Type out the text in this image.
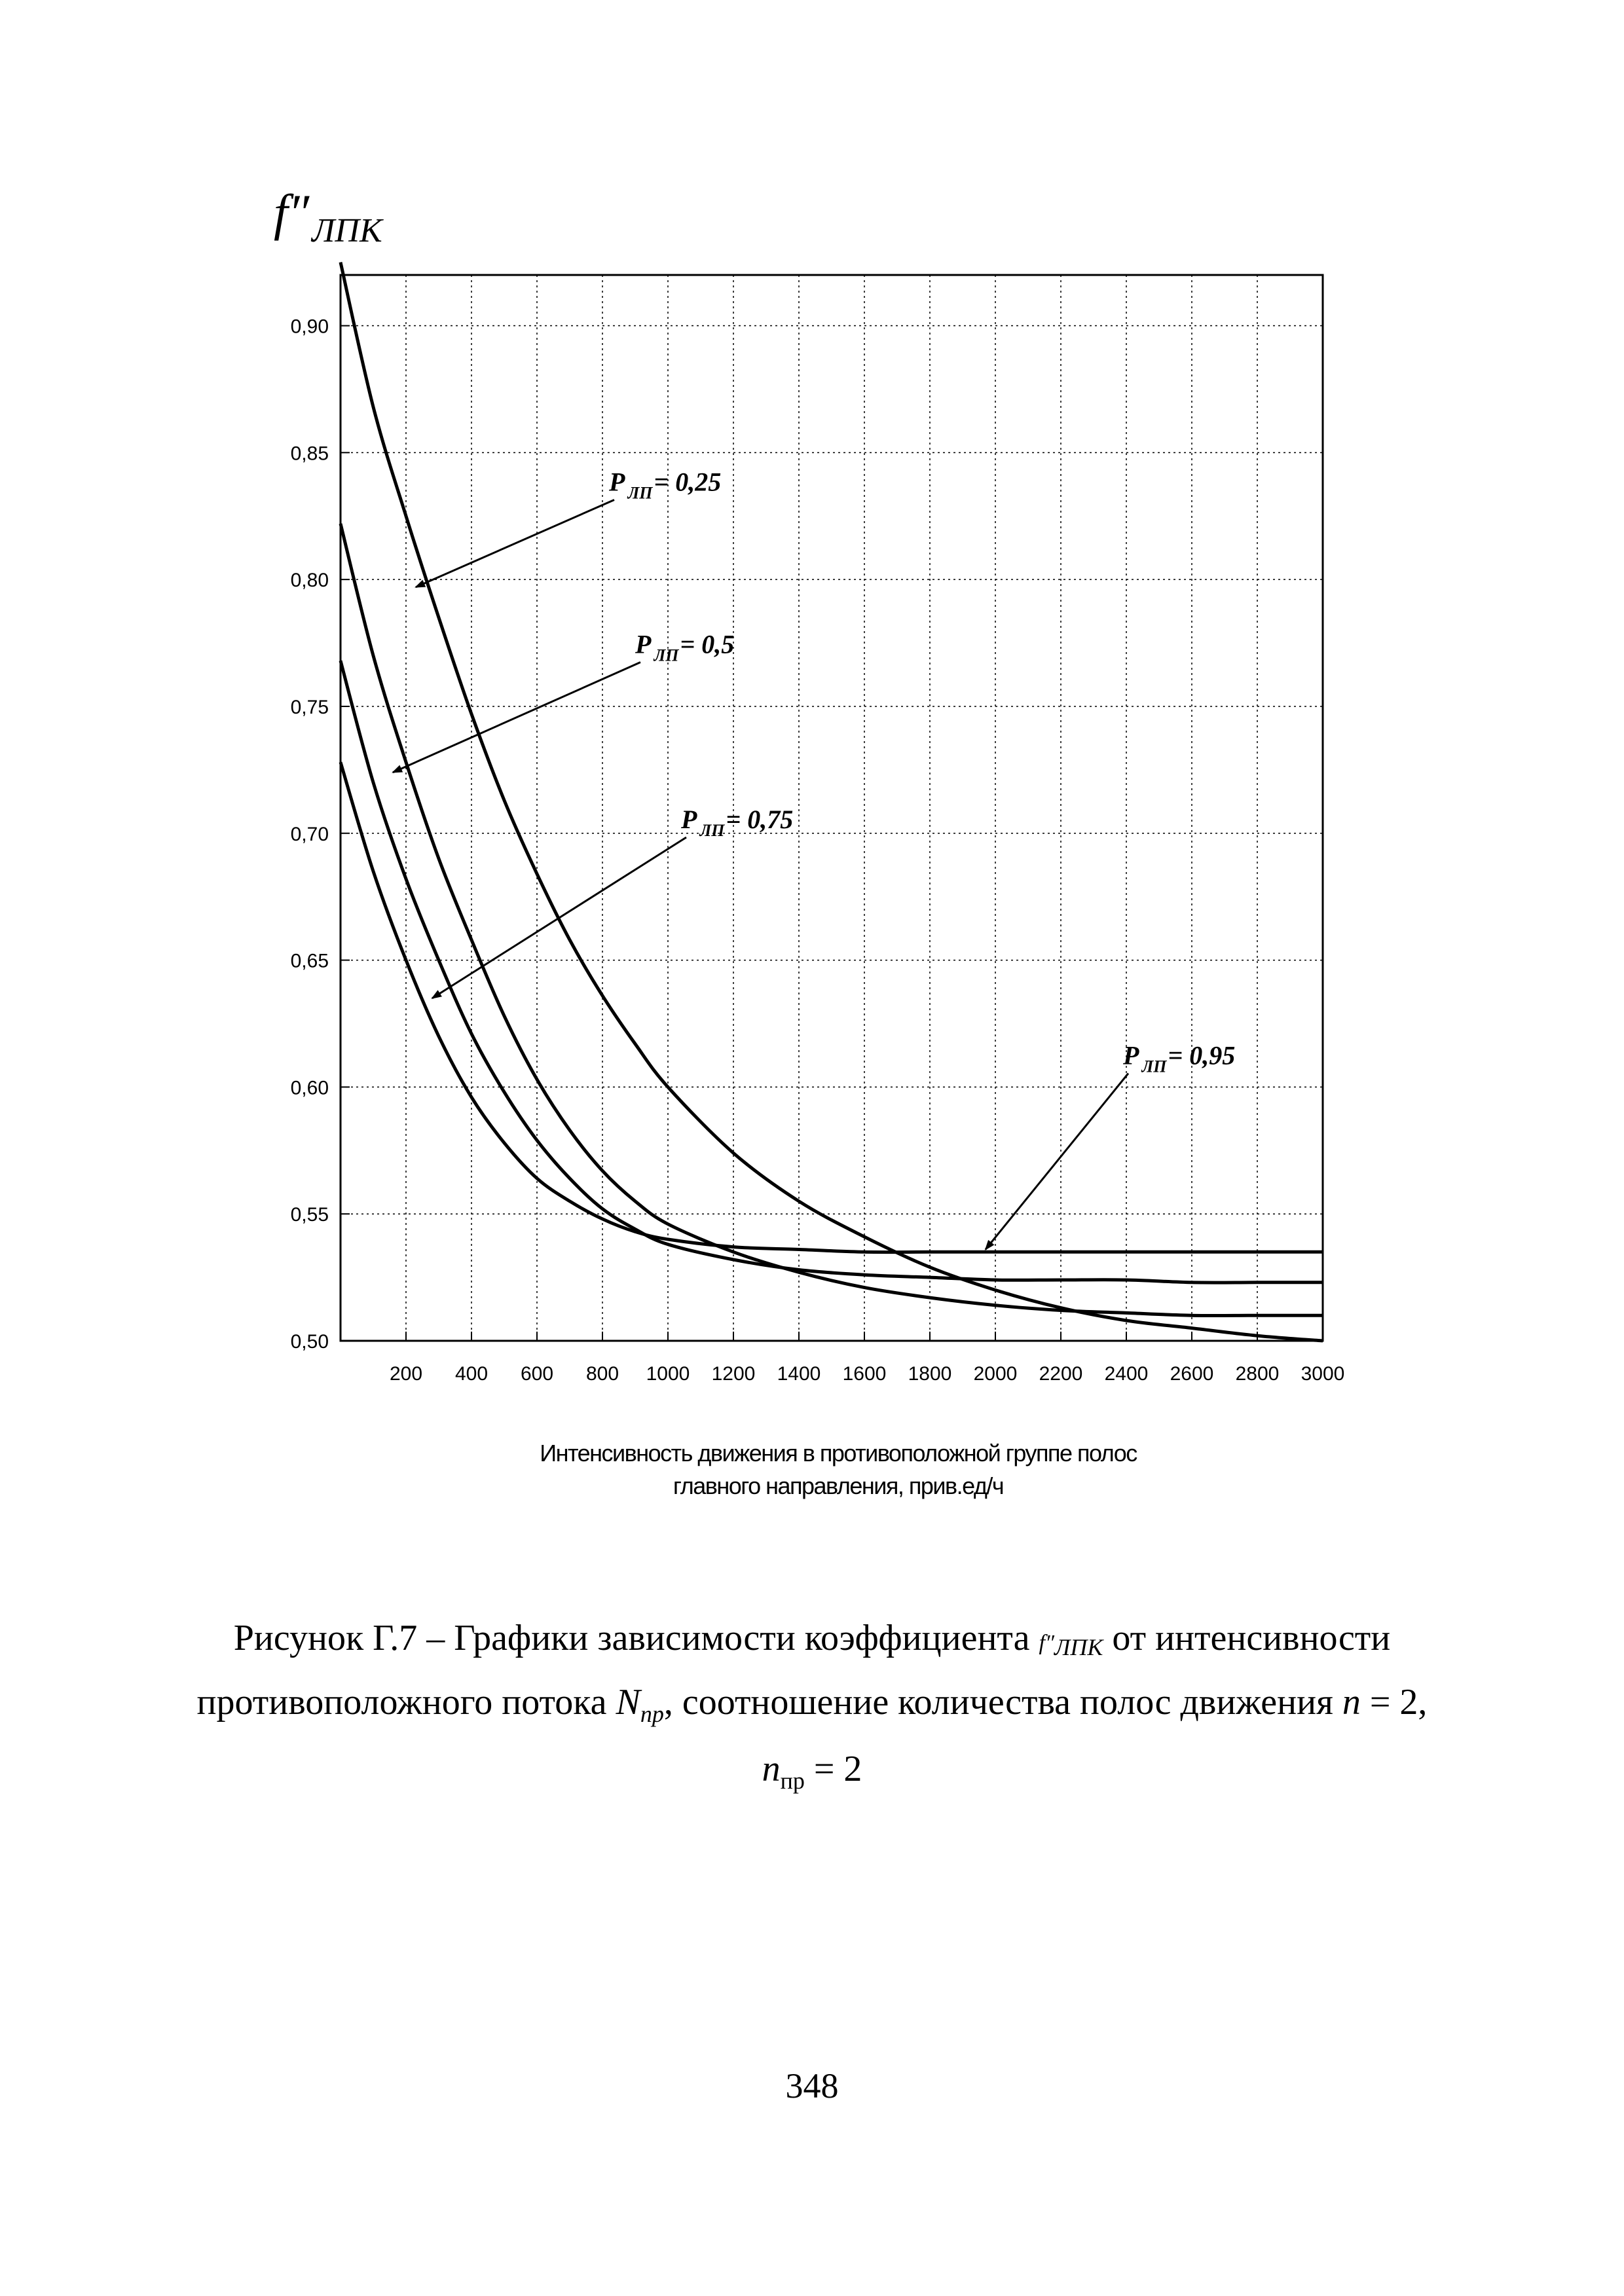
$f''_{ЛПК}$
200 400 600 800 1000 1200 1400 1600 1800 2000 2200 2400 2600 2800 3000
0,50
0,55
0,60
0,65
0,70
0,75
0,80
0,85
0,90
P $_{ЛП}$= 0,25
P $_{ЛП}$= 0,5
P $_{ЛП}$= 0,75
P $_{ЛП}$= 0,95
Интенсивность движения в противоположной группе полос
главного направления, прив.ед/ч
Рисунок Г.7 – Графики зависимости коэффициента $f''_{ЛПК}$ от интенсивности
противоположного потока $N_{пр}$, соотношение количества полос движения n = 2,
$n_{пр} = 2$
348
